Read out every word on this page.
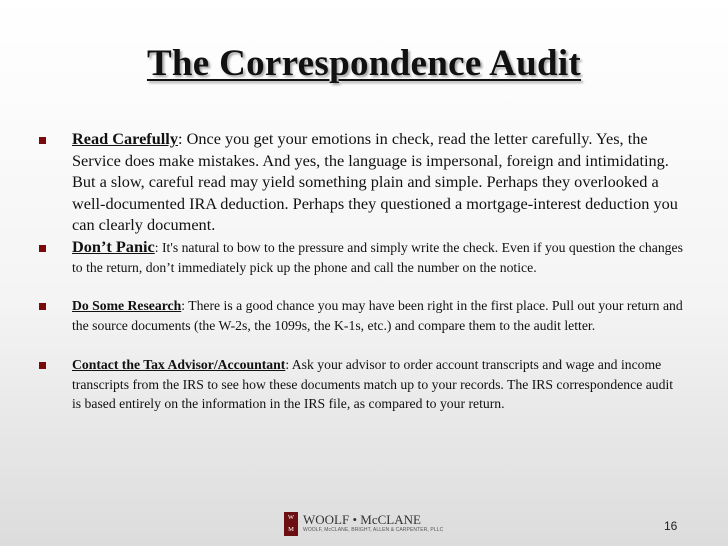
The Correspondence Audit
Read Carefully: Once you get your emotions in check, read the letter carefully. Yes, the Service does make mistakes. And yes, the language is impersonal, foreign and intimidating. But a slow, careful read may yield something plain and simple. Perhaps they overlooked a well-documented IRA deduction. Perhaps they questioned a mortgage-interest deduction you can clearly document.
Don’t Panic: It's natural to bow to the pressure and simply write the check. Even if you question the changes to the return, don’t immediately pick up the phone and call the number on the notice.
Do Some Research: There is a good chance you may have been right in the first place. Pull out your return and the source documents (the W-2s, the 1099s, the K-1s, etc.) and compare them to the audit letter.
Contact the Tax Advisor/Accountant: Ask your advisor to order account transcripts and wage and income transcripts from the IRS to see how these documents match up to your records. The IRS correspondence audit is based entirely on the information in the IRS file, as compared to your return.
W
M
WOOLF • McCLANE
WOOLF, McCLANE, BRIGHT, ALLEN & CARPENTER, PLLC	16
